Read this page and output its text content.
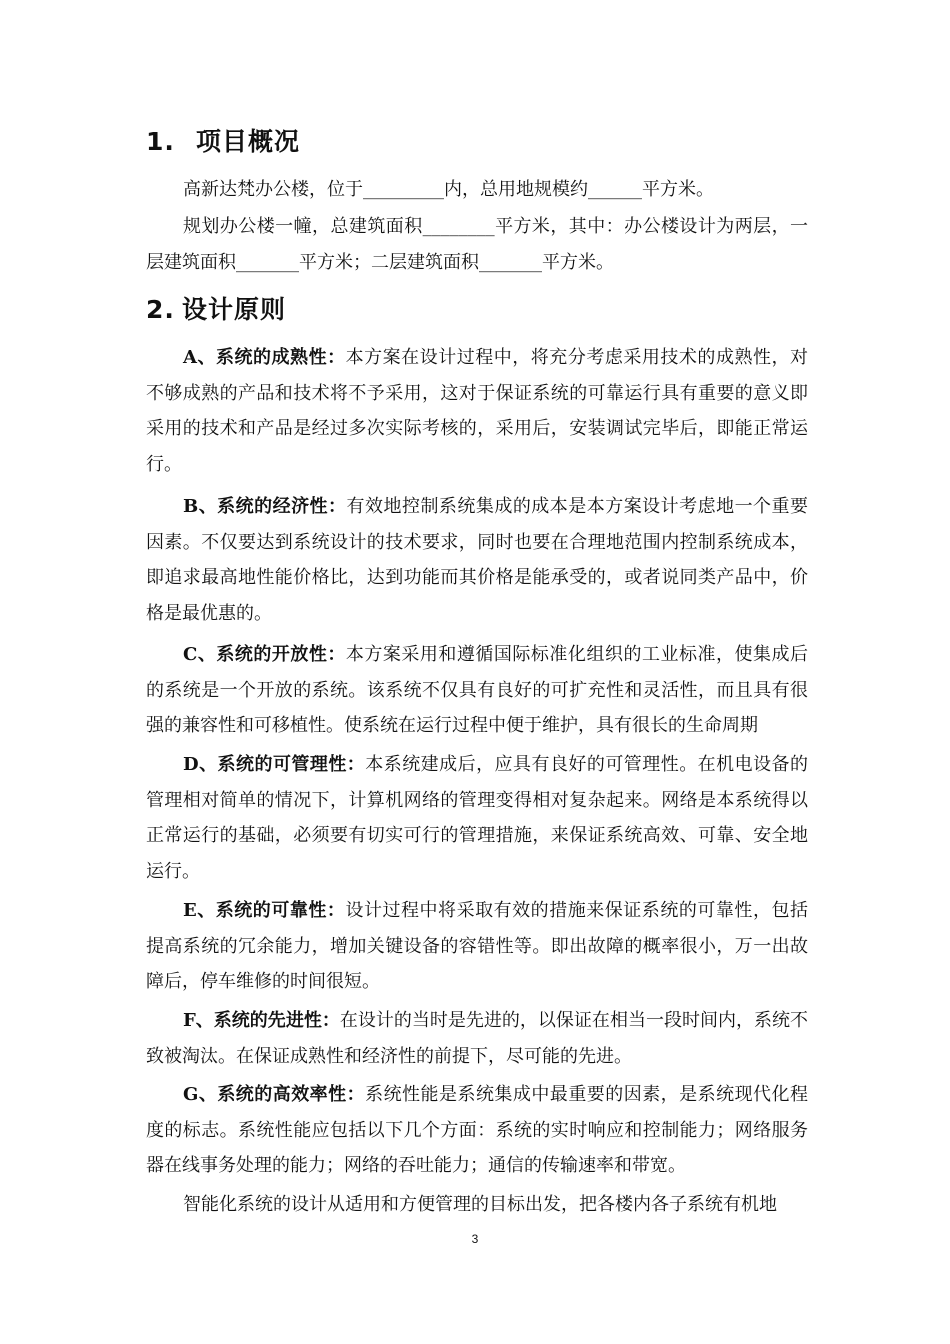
1. 项目概况

高新达梵办公楼，位于_________内，总用地规模约______平方米。

规划办公楼一幢，总建筑面积________平方米，其中：办公楼设计为两层，一层建筑面积_______平方米；二层建筑面积_______平方米。

2. 设计原则

A、系统的成熟性：本方案在设计过程中，将充分考虑采用技术的成熟性，对不够成熟的产品和技术将不予采用，这对于保证系统的可靠运行具有重要的意义即采用的技术和产品是经过多次实际考核的，采用后，安装调试完毕后，即能正常运行。

B、系统的经济性：有效地控制系统集成的成本是本方案设计考虑地一个重要因素。不仅要达到系统设计的技术要求，同时也要在合理地范围内控制系统成本，即追求最高地性能价格比，达到功能而其价格是能承受的，或者说同类产品中，价格是最优惠的。

C、系统的开放性：本方案采用和遵循国际标准化组织的工业标准，使集成后的系统是一个开放的系统。该系统不仅具有良好的可扩充性和灵活性，而且具有很强的兼容性和可移植性。使系统在运行过程中便于维护，具有很长的生命周期

D、系统的可管理性：本系统建成后，应具有良好的可管理性。在机电设备的管理相对简单的情况下，计算机网络的管理变得相对复杂起来。网络是本系统得以正常运行的基础，必须要有切实可行的管理措施，来保证系统高效、可靠、安全地运行。

E、系统的可靠性：设计过程中将采取有效的措施来保证系统的可靠性，包括提高系统的冗余能力，增加关键设备的容错性等。即出故障的概率很小，万一出故障后，停车维修的时间很短。

F、系统的先进性：在设计的当时是先进的，以保证在相当一段时间内，系统不致被淘汰。在保证成熟性和经济性的前提下，尽可能的先进。

G、系统的高效率性：系统性能是系统集成中最重要的因素，是系统现代化程度的标志。系统性能应包括以下几个方面：系统的实时响应和控制能力；网络服务器在线事务处理的能力；网络的吞吐能力；通信的传输速率和带宽。

智能化系统的设计从适用和方便管理的目标出发，把各楼内各子系统有机地

3
